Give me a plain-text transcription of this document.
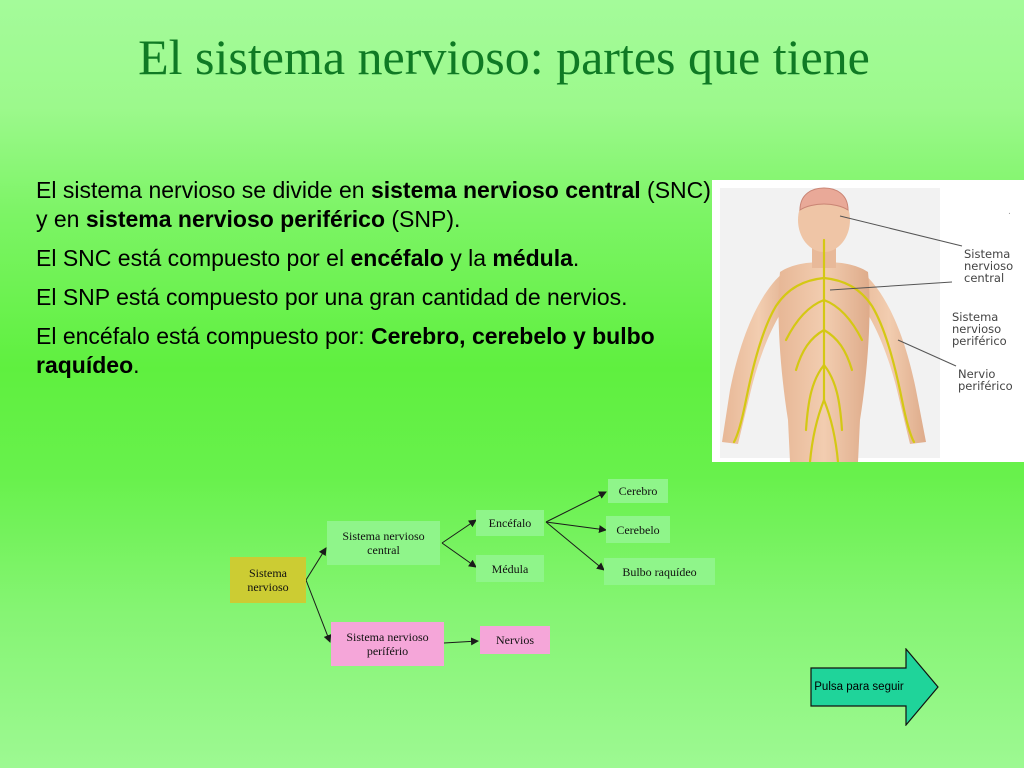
El sistema nervioso: partes que tiene

El sistema nervioso se divide en sistema nervioso central (SNC) y en sistema nervioso periférico (SNP).

El SNC está compuesto por el encéfalo y la médula.

El SNP está compuesto por una gran cantidad de nervios.

El encéfalo está compuesto por: Cerebro, cerebelo y bulbo raquídeo.

.
Sistema
nervioso
central
Sistema
nervioso
periférico
Nervio
periférico
Sistema nervioso
Sistema nervioso central
Sistema nervioso perífério
Encéfalo
Médula
Nervios
Cerebro
Cerebelo
Bulbo raquídeo
Pulsa para seguir
